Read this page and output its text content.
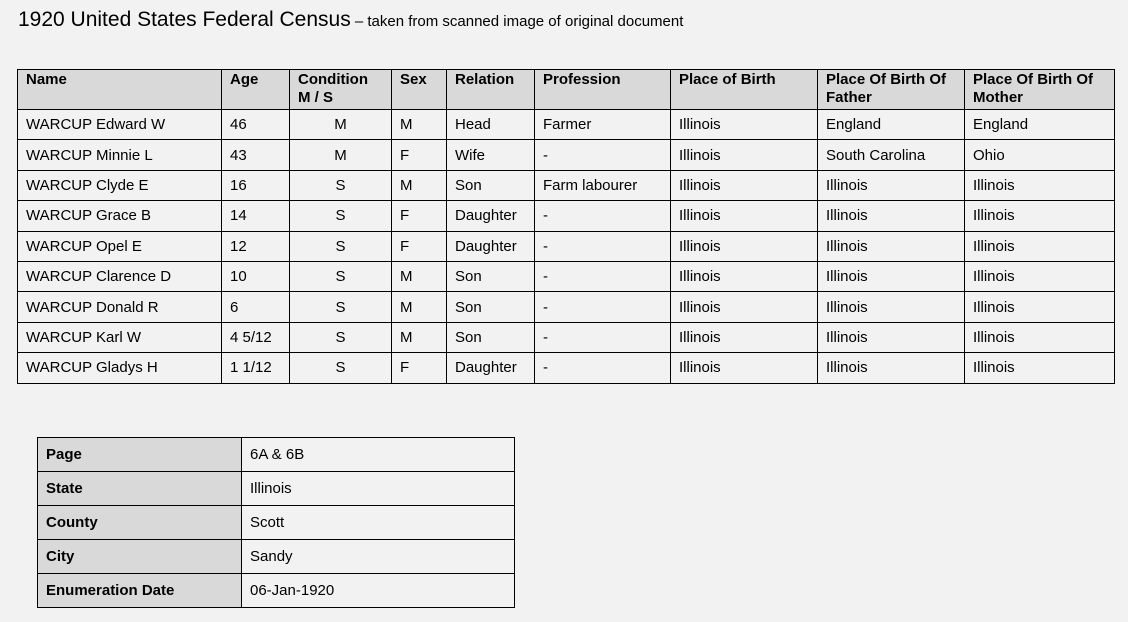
1920 United States Federal Census – taken from scanned image of original document
Name	Age	Condition M / S	Sex	Relation	Profession	Place of Birth	Place Of Birth Of Father	Place Of Birth Of Mother
WARCUP Edward W	46	M	M	Head	Farmer	Illinois	England	England
WARCUP Minnie L	43	M	F	Wife	-	Illinois	South Carolina	Ohio
WARCUP Clyde E	16	S	M	Son	Farm labourer	Illinois	Illinois	Illinois
WARCUP Grace B	14	S	F	Daughter	-	Illinois	Illinois	Illinois
WARCUP Opel E	12	S	F	Daughter	-	Illinois	Illinois	Illinois
WARCUP Clarence D	10	S	M	Son	-	Illinois	Illinois	Illinois
WARCUP Donald R	6	S	M	Son	-	Illinois	Illinois	Illinois
WARCUP Karl W	4 5/12	S	M	Son	-	Illinois	Illinois	Illinois
WARCUP Gladys H	1 1/12	S	F	Daughter	-	Illinois	Illinois	Illinois
Page	6A & 6B
State	Illinois
County	Scott
City	Sandy
Enumeration Date	06-Jan-1920
